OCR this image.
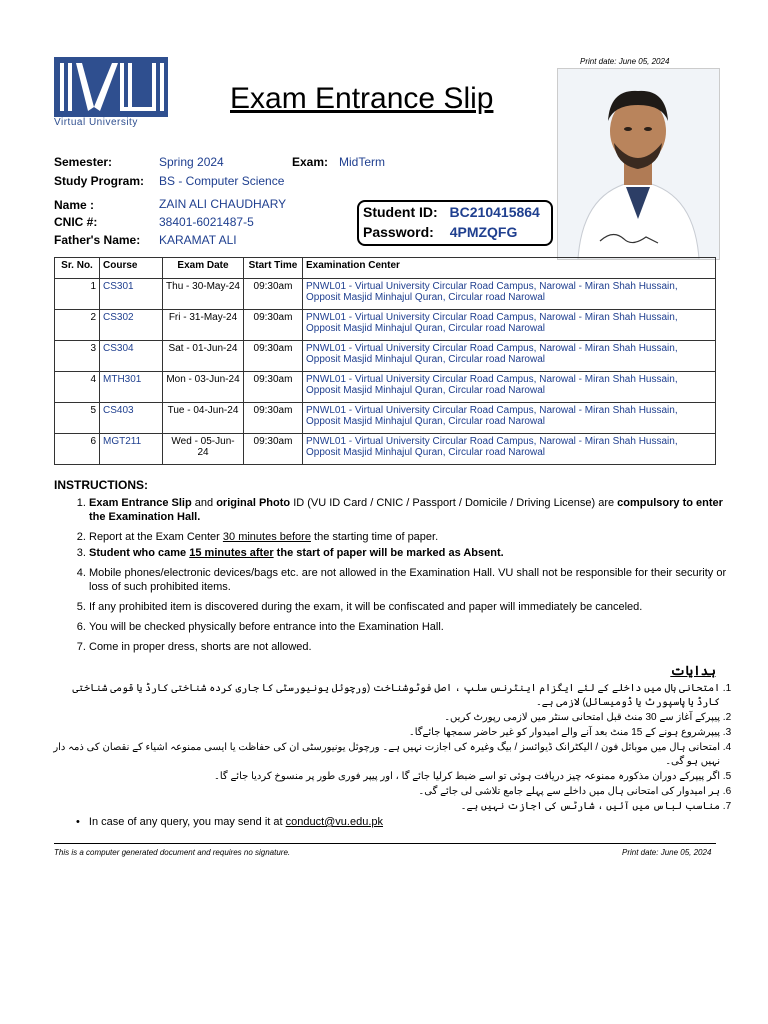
Print date: June 05, 2024
Virtual University
Exam Entrance Slip
Semester:	Spring 2024	Exam: MidTerm
Study Program: BS - Computer Science
Name :	ZAIN ALI CHAUDHARY
CNIC #:	38401-6021487-5
Father's Name: KARAMAT ALI
Student ID: BC210415864
Password: 4PMZQFG
Sr. No.	Course	Exam Date	Start Time	Examination Center
1	CS301	Thu - 30-May-24	09:30am	PNWL01 - Virtual University Circular Road Campus, Narowal - Miran Shah Hussain, Opposit Masjid Minhajul Quran, Circular road Narowal
2	CS302	Fri - 31-May-24	09:30am	PNWL01 - Virtual University Circular Road Campus, Narowal - Miran Shah Hussain, Opposit Masjid Minhajul Quran, Circular road Narowal
3	CS304	Sat - 01-Jun-24	09:30am	PNWL01 - Virtual University Circular Road Campus, Narowal - Miran Shah Hussain, Opposit Masjid Minhajul Quran, Circular road Narowal
4	MTH301	Mon - 03-Jun-24	09:30am	PNWL01 - Virtual University Circular Road Campus, Narowal - Miran Shah Hussain, Opposit Masjid Minhajul Quran, Circular road Narowal
5	CS403	Tue - 04-Jun-24	09:30am	PNWL01 - Virtual University Circular Road Campus, Narowal - Miran Shah Hussain, Opposit Masjid Minhajul Quran, Circular road Narowal
6	MGT211	Wed - 05-Jun-24	09:30am	PNWL01 - Virtual University Circular Road Campus, Narowal - Miran Shah Hussain, Opposit Masjid Minhajul Quran, Circular road Narowal
INSTRUCTIONS:
1. Exam Entrance Slip and original Photo ID (VU ID Card / CNIC / Passport / Domicile / Driving License) are compulsory to enter the Examination Hall.
2. Report at the Exam Center 30 minutes before the starting time of paper.
3. Student who came 15 minutes after the start of paper will be marked as Absent.
4. Mobile phones/electronic devices/bags etc. are not allowed in the Examination Hall. VU shall not be responsible for their security or loss of such prohibited items.
5. If any prohibited item is discovered during the exam, it will be confiscated and paper will immediately be canceled.
6. You will be checked physically before entrance into the Examination Hall.
7. Come in proper dress, shorts are not allowed.
ہدایات
1. امتحانی ہال میں داخلے کے لئے ایگزام اینٹرنس سلپ ، اصل فوٹوشناخت (ورچوئل یونیورسٹی کا جاری کردہ شناختی کارڈ یا قومی شناختی کارڈ یا پاسپورٹ یا ڈومیسائل) لازمی ہے۔
2. پیپرکے آغاز سے 30 منٹ قبل امتحانی سنٹر میں لازمی رپورٹ کریں۔
3. پیپرشروع ہونے کے 15 منٹ بعد آنے والے امیدوار کو غیر حاضر سمجھا جائےگا۔
4. امتحانی ہال میں موبائل فون / الیکٹرانک ڈیوائسز / بیگ وغیرہ کی اجازت نہیں ہے۔ ورچوئل یونیورسٹی ان کی حفاظت یا ایسی ممنوعہ اشیاء کے نقصان کی ذمہ دار نہیں ہو گی۔
5. اگر پیپرکے دوران مذکورہ ممنوعہ چیز دریافت ہوئی تو اسے ضبط کرلیا جائے گا ، اور پیپر فوری طور پر منسوخ کردیا جائے گا۔
6. ہر امیدوار کی امتحانی ہال میں داخلے سے پہلے جامع تلاشی لی جائے گی۔
7. مناسب لباس میں آئیں ، شارٹس کی اجازت نہیں ہے۔
• In case of any query, you may send it at conduct@vu.edu.pk
This is a computer generated document and requires no signature.	Print date: June 05, 2024
